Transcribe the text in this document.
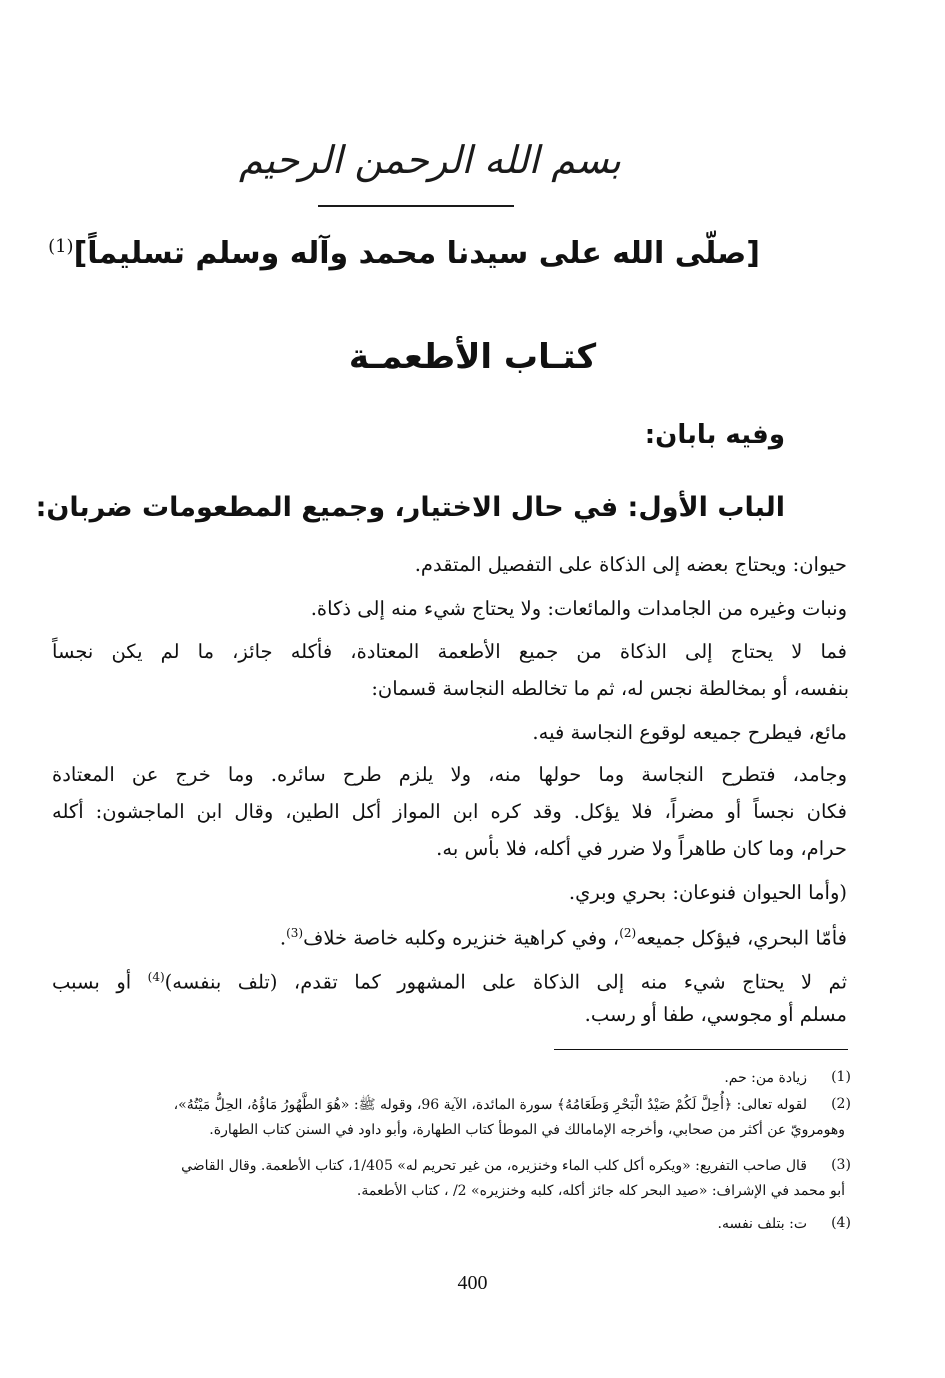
بسم الله الرحمن الرحيم
[صلّى الله على سيدنا محمد وآله وسلم تسليماً]$^{(1)}$
كتـاب الأطعمـة
وفيه بابان:
الباب الأول: في حال الاختيار، وجميع المطعومات ضربان:
حيوان: ويحتاج بعضه إلى الذكاة على التفصيل المتقدم.
ونبات وغيره من الجامدات والمائعات: ولا يحتاج شيء منه إلى ذكاة.
فما لا يحتاج إلى الذكاة من جميع الأطعمة المعتادة، فأكله جائز، ما لم يكن نجساً
بنفسه، أو بمخالطة نجس له، ثم ما تخالطه النجاسة قسمان:
مائع، فيطرح جميعه لوقوع النجاسة فيه.
وجامد، فتطرح النجاسة وما حولها منه، ولا يلزم طرح سائره. وما خرج عن المعتادة
فكان نجساً أو مضراً، فلا يؤكل. وقد كره ابن المواز أكل الطين، وقال ابن الماجشون: أكله
حرام، وما كان طاهراً ولا ضرر في أكله، فلا بأس به.
(وأما الحيوان فنوعان: بحري وبري.
فأمّا البحري، فيؤكل جميعه$^{(2)}$، وفي كراهية خنزيره وكلبه خاصة خلاف$^{(3)}$.
ثم لا يحتاج شيء منه إلى الذكاة على المشهور كما تقدم، (تلف بنفسه)$^{(4)}$ أو بسبب
مسلم أو مجوسي، طفا أو رسب.
(1)
زيادة من: حم.
(2)
لقوله تعالى: ﴿أُحِلَّ لَكُمْ صَيْدُ الْبَحْرِ وَطَعَامُهُ﴾ سورة المائدة، الآية 96، وقوله ﷺ: «هُوَ الطَّهُورُ مَاؤُهُ، الحِلُّ مَيْتُهُ»،
وهومرويّ عن أكثر من صحابي، وأخرجه الإمامالك في الموطأ كتاب الطهارة، وأبو داود في السنن كتاب الطهارة.
(3)
قال صاحب التفريع: «ويكره أكل كلب الماء وخنزيره، من غير تحريم له» 1/405، كتاب الأطعمة. وقال القاضي
أبو محمد في الإشراف: «صيد البحر كله جائز أكله، كلبه وخنزيره» 2/ ، كتاب الأطعمة.
(4)
ت: بتلف نفسه.
400
